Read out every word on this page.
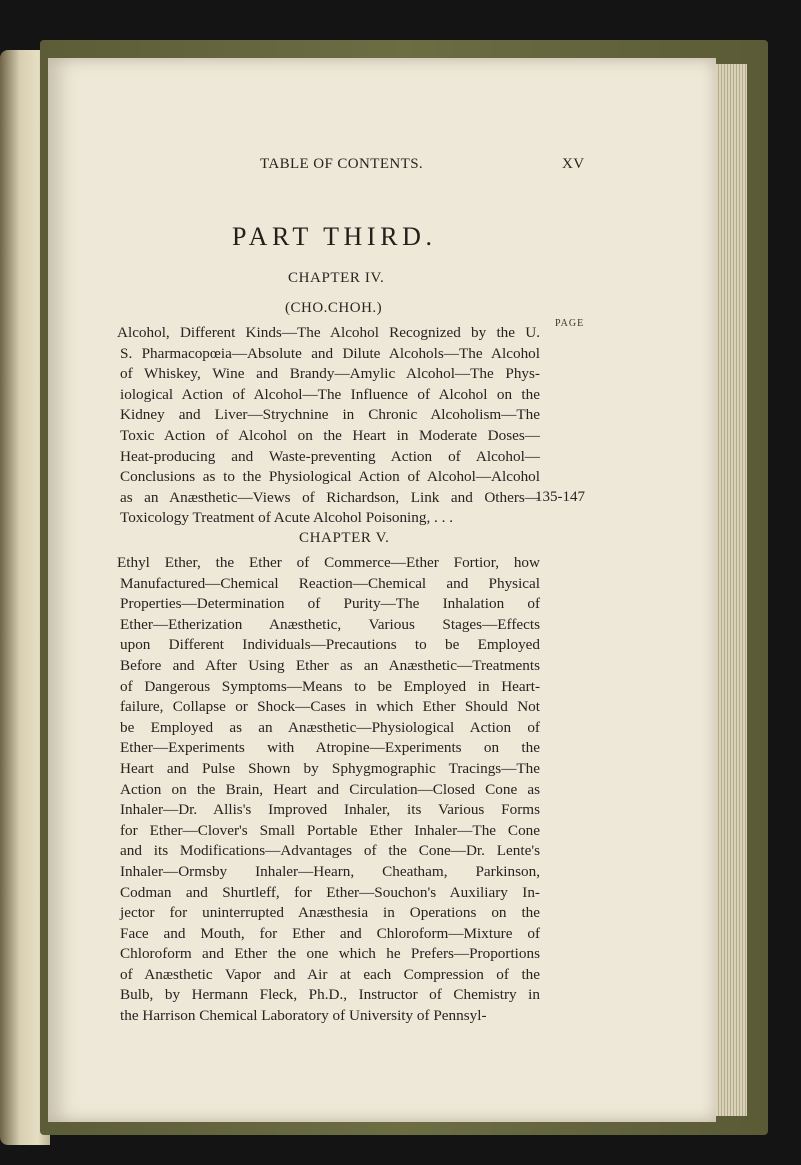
TABLE OF CONTENTS.	XV
PART THIRD.
CHAPTER IV.
(CHO.CHOH.)
PAGE
Alcohol, Different Kinds—The Alcohol Recognized by the U.
S. Pharmacopœia—Absolute and Dilute Alcohols—The Alcohol
of Whiskey, Wine and Brandy—Amylic Alcohol—The Phys-
iological Action of Alcohol—The Influence of Alcohol on the
Kidney and Liver—Strychnine in Chronic Alcoholism—The
Toxic Action of Alcohol on the Heart in Moderate Doses—
Heat-producing and Waste-preventing Action of Alcohol—
Conclusions as to the Physiological Action of Alcohol—Alcohol
as an Anæsthetic—Views of Richardson, Link and Others—
Toxicology Treatment of Acute Alcohol Poisoning, . . .
135-147
CHAPTER V.
Ethyl Ether, the Ether of Commerce—Ether Fortior, how
Manufactured—Chemical Reaction—Chemical and Physical
Properties—Determination of Purity—The Inhalation of
Ether—Etherization Anæsthetic, Various Stages—Effects
upon Different Individuals—Precautions to be Employed
Before and After Using Ether as an Anæsthetic—Treatments
of Dangerous Symptoms—Means to be Employed in Heart-
failure, Collapse or Shock—Cases in which Ether Should Not
be Employed as an Anæsthetic—Physiological Action of
Ether—Experiments with Atropine—Experiments on the
Heart and Pulse Shown by Sphygmographic Tracings—The
Action on the Brain, Heart and Circulation—Closed Cone as
Inhaler—Dr. Allis's Improved Inhaler, its Various Forms
for Ether—Clover's Small Portable Ether Inhaler—The Cone
and its Modifications—Advantages of the Cone—Dr. Lente's
Inhaler—Ormsby Inhaler—Hearn, Cheatham, Parkinson,
Codman and Shurtleff, for Ether—Souchon's Auxiliary In-
jector for uninterrupted Anæsthesia in Operations on the
Face and Mouth, for Ether and Chloroform—Mixture of
Chloroform and Ether the one which he Prefers—Proportions
of Anæsthetic Vapor and Air at each Compression of the
Bulb, by Hermann Fleck, Ph.D., Instructor of Chemistry in
the Harrison Chemical Laboratory of University of Pennsyl-
